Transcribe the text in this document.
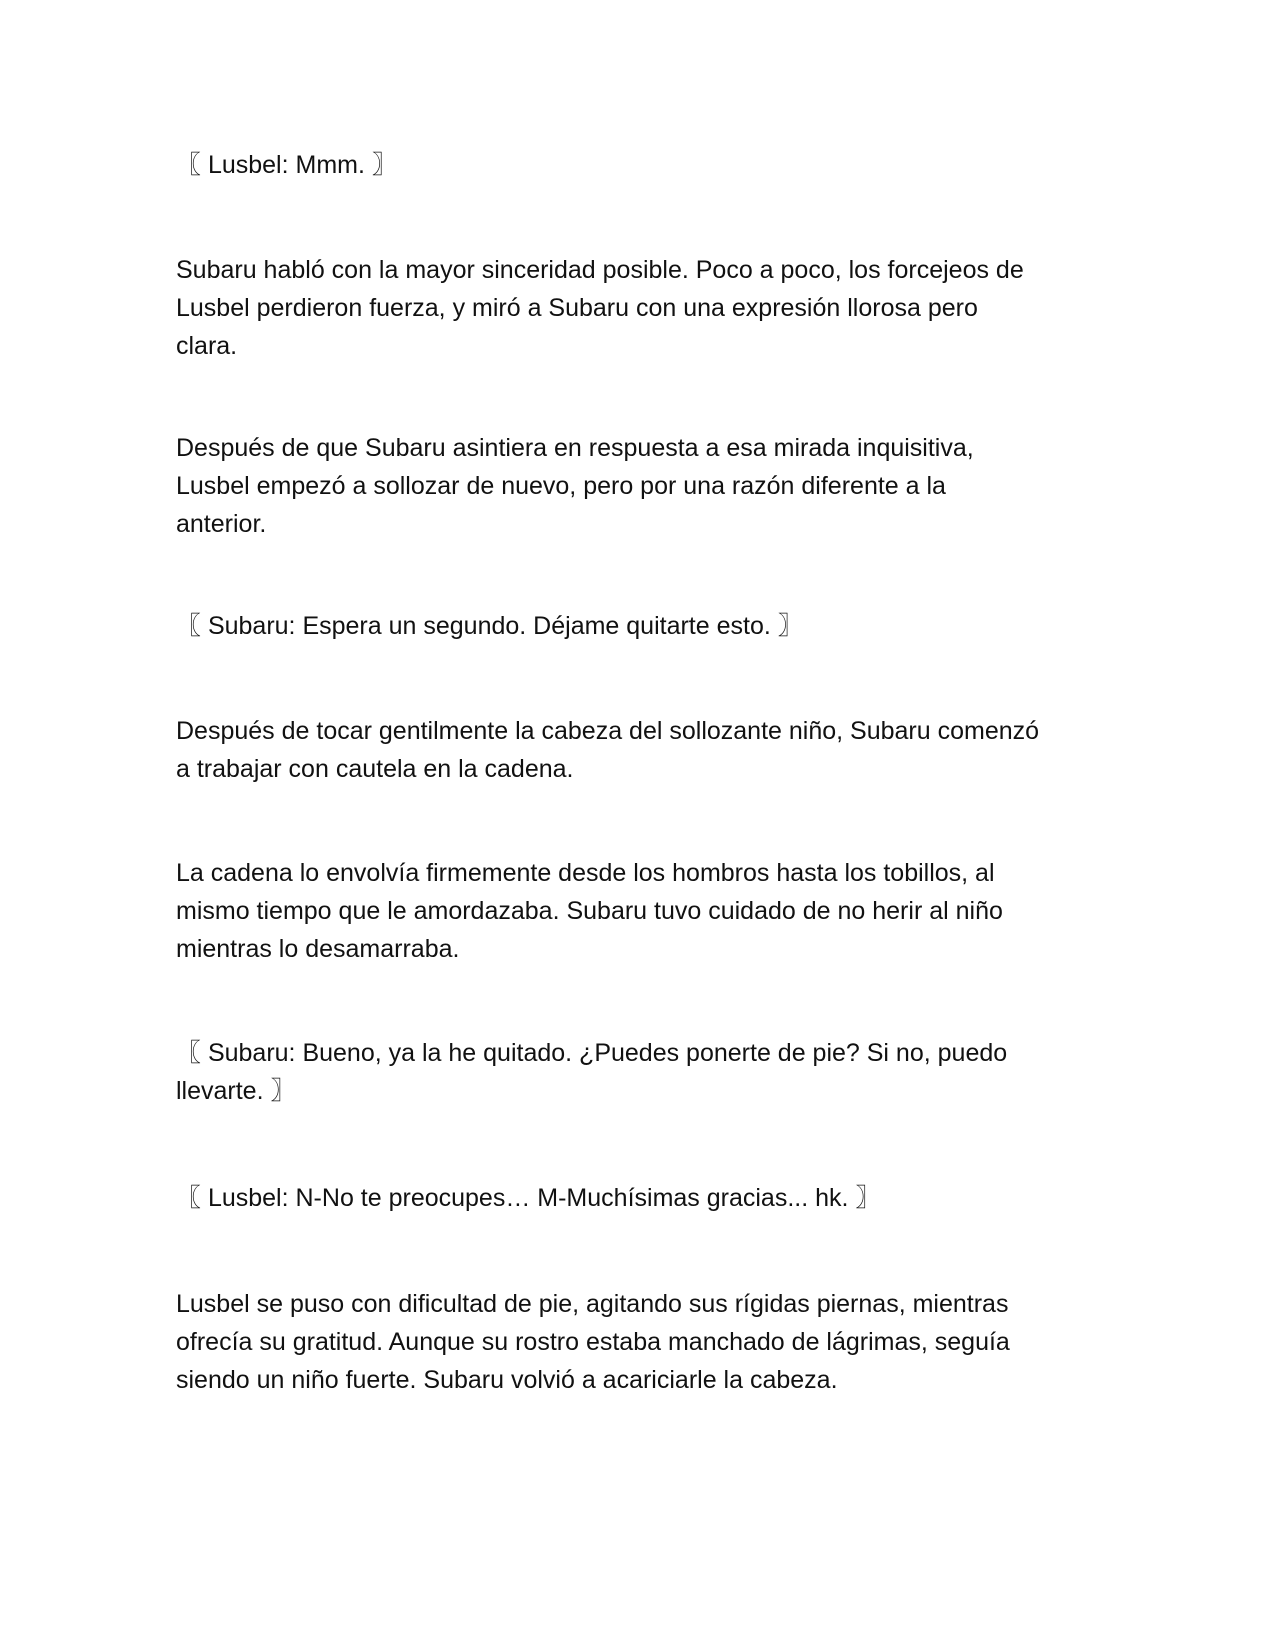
〖 Lusbel: Mmm. 〗

Subaru habló con la mayor sinceridad posible. Poco a poco, los forcejeos de
Lusbel perdieron fuerza, y miró a Subaru con una expresión llorosa pero
clara.

Después de que Subaru asintiera en respuesta a esa mirada inquisitiva,
Lusbel empezó a sollozar de nuevo, pero por una razón diferente a la
anterior.

〖 Subaru: Espera un segundo. Déjame quitarte esto. 〗

Después de tocar gentilmente la cabeza del sollozante niño, Subaru comenzó
a trabajar con cautela en la cadena.

La cadena lo envolvía firmemente desde los hombros hasta los tobillos, al
mismo tiempo que le amordazaba. Subaru tuvo cuidado de no herir al niño
mientras lo desamarraba.

〖 Subaru: Bueno, ya la he quitado. ¿Puedes ponerte de pie? Si no, puedo
llevarte. 〗

〖 Lusbel: N-No te preocupes… M-Muchísimas gracias... hk. 〗

Lusbel se puso con dificultad de pie, agitando sus rígidas piernas, mientras
ofrecía su gratitud. Aunque su rostro estaba manchado de lágrimas, seguía
siendo un niño fuerte. Subaru volvió a acariciarle la cabeza.
